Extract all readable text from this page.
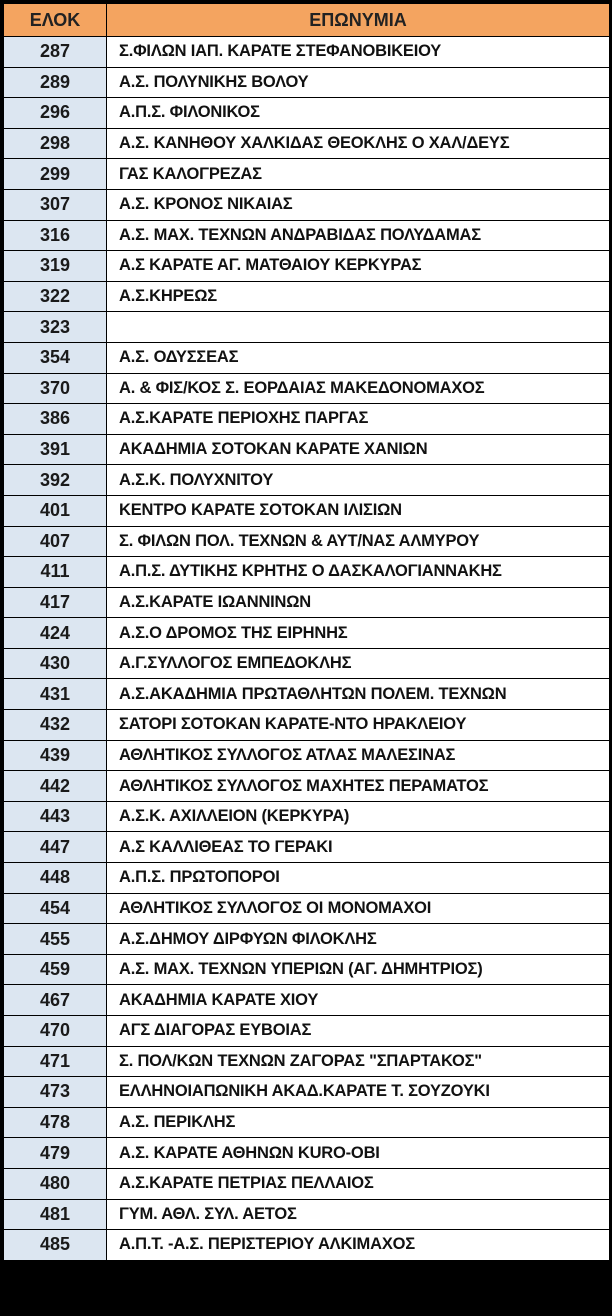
ΕΛΟΚ	ΕΠΩΝΥΜΙΑ
287	Σ.ΦΙΛΩΝ ΙΑΠ. ΚΑΡΑΤΕ ΣΤΕΦΑΝΟΒΙΚΕΙΟΥ
289	Α.Σ. ΠΟΛΥΝΙΚΗΣ ΒΟΛΟΥ
296	Α.Π.Σ. ΦΙΛΟΝΙΚΟΣ
298	Α.Σ. ΚΑΝΗΘΟΥ ΧΑΛΚΙΔΑΣ ΘΕΟΚΛΗΣ Ο ΧΑΛ/ΔΕΥΣ
299	ΓΑΣ ΚΑΛΟΓΡΕΖΑΣ
307	Α.Σ. ΚΡΟΝΟΣ ΝΙΚΑΙΑΣ
316	Α.Σ. ΜΑΧ. ΤΕΧΝΩΝ ΑΝΔΡΑΒΙΔΑΣ ΠΟΛΥΔΑΜΑΣ
319	Α.Σ ΚΑΡΑΤΕ ΑΓ. ΜΑΤΘΑΙΟΥ ΚΕΡΚΥΡΑΣ
322	Α.Σ.ΚΗΡΕΩΣ
323	
354	Α.Σ. ΟΔΥΣΣΕΑΣ
370	Α. & ΦΙΣ/ΚΟΣ Σ. ΕΟΡΔΑΙΑΣ ΜΑΚΕΔΟΝΟΜΑΧΟΣ
386	Α.Σ.ΚΑΡΑΤΕ ΠΕΡΙΟΧΗΣ ΠΑΡΓΑΣ
391	ΑΚΑΔΗΜΙΑ ΣΟΤΟΚΑΝ ΚΑΡΑΤΕ ΧΑΝΙΩΝ
392	Α.Σ.Κ. ΠΟΛΥΧΝΙΤΟΥ
401	ΚΕΝΤΡΟ ΚΑΡΑΤΕ ΣΟΤΟΚΑΝ ΙΛΙΣΙΩΝ
407	Σ. ΦΙΛΩΝ ΠΟΛ. ΤΕΧΝΩΝ & ΑΥΤ/ΝΑΣ ΑΛΜΥΡΟΥ
411	Α.Π.Σ. ΔΥΤΙΚΗΣ ΚΡΗΤΗΣ Ο ΔΑΣΚΑΛΟΓΙΑΝΝΑΚΗΣ
417	Α.Σ.ΚΑΡΑΤΕ ΙΩΑΝΝΙΝΩΝ
424	Α.Σ.Ο ΔΡΟΜΟΣ ΤΗΣ ΕΙΡΗΝΗΣ
430	Α.Γ.ΣΥΛΛΟΓΟΣ ΕΜΠΕΔΟΚΛΗΣ
431	Α.Σ.ΑΚΑΔΗΜΙΑ ΠΡΩΤΑΘΛΗΤΩΝ ΠΟΛΕΜ. ΤΕΧΝΩΝ
432	ΣΑΤΟΡΙ ΣΟΤΟΚΑΝ ΚΑΡΑΤΕ-ΝΤΟ ΗΡΑΚΛΕΙΟΥ
439	ΑΘΛΗΤΙΚΟΣ ΣΥΛΛΟΓΟΣ ΑΤΛΑΣ ΜΑΛΕΣΙΝΑΣ
442	ΑΘΛΗΤΙΚΟΣ ΣΥΛΛΟΓΟΣ ΜΑΧΗΤΕΣ ΠΕΡΑΜΑΤΟΣ
443	Α.Σ.Κ. ΑΧΙΛΛΕΙΟΝ (ΚΕΡΚΥΡΑ)
447	Α.Σ ΚΑΛΛΙΘΕΑΣ ΤΟ ΓΕΡΑΚΙ
448	Α.Π.Σ. ΠΡΩΤΟΠΟΡΟΙ
454	ΑΘΛΗΤΙΚΟΣ ΣΥΛΛΟΓΟΣ ΟΙ ΜΟΝΟΜΑΧΟΙ
455	Α.Σ.ΔΗΜΟΥ ΔΙΡΦΥΩΝ ΦΙΛΟΚΛΗΣ
459	Α.Σ. ΜΑΧ. ΤΕΧΝΩΝ ΥΠΕΡΙΩΝ (ΑΓ. ΔΗΜΗΤΡΙΟΣ)
467	ΑΚΑΔΗΜΙΑ ΚΑΡΑΤΕ ΧΙΟΥ
470	ΑΓΣ ΔΙΑΓΟΡΑΣ ΕΥΒΟΙΑΣ
471	Σ. ΠΟΛ/ΚΩΝ ΤΕΧΝΩΝ ΖΑΓΟΡΑΣ "ΣΠΑΡΤΑΚΟΣ"
473	ΕΛΛΗΝΟΙΑΠΩΝΙΚΗ ΑΚΑΔ.ΚΑΡΑΤΕ Τ. ΣΟΥΖΟΥΚΙ
478	Α.Σ. ΠΕΡΙΚΛΗΣ
479	Α.Σ. ΚΑΡΑΤΕ ΑΘΗΝΩΝ KURO-OBI
480	Α.Σ.ΚΑΡΑΤΕ ΠΕΤΡΙΑΣ ΠΕΛΛΑΙΟΣ
481	ΓΥΜ. ΑΘΛ. ΣΥΛ. ΑΕΤΟΣ
485	Α.Π.Τ. -Α.Σ. ΠΕΡΙΣΤΕΡΙΟΥ ΑΛΚΙΜΑΧΟΣ
